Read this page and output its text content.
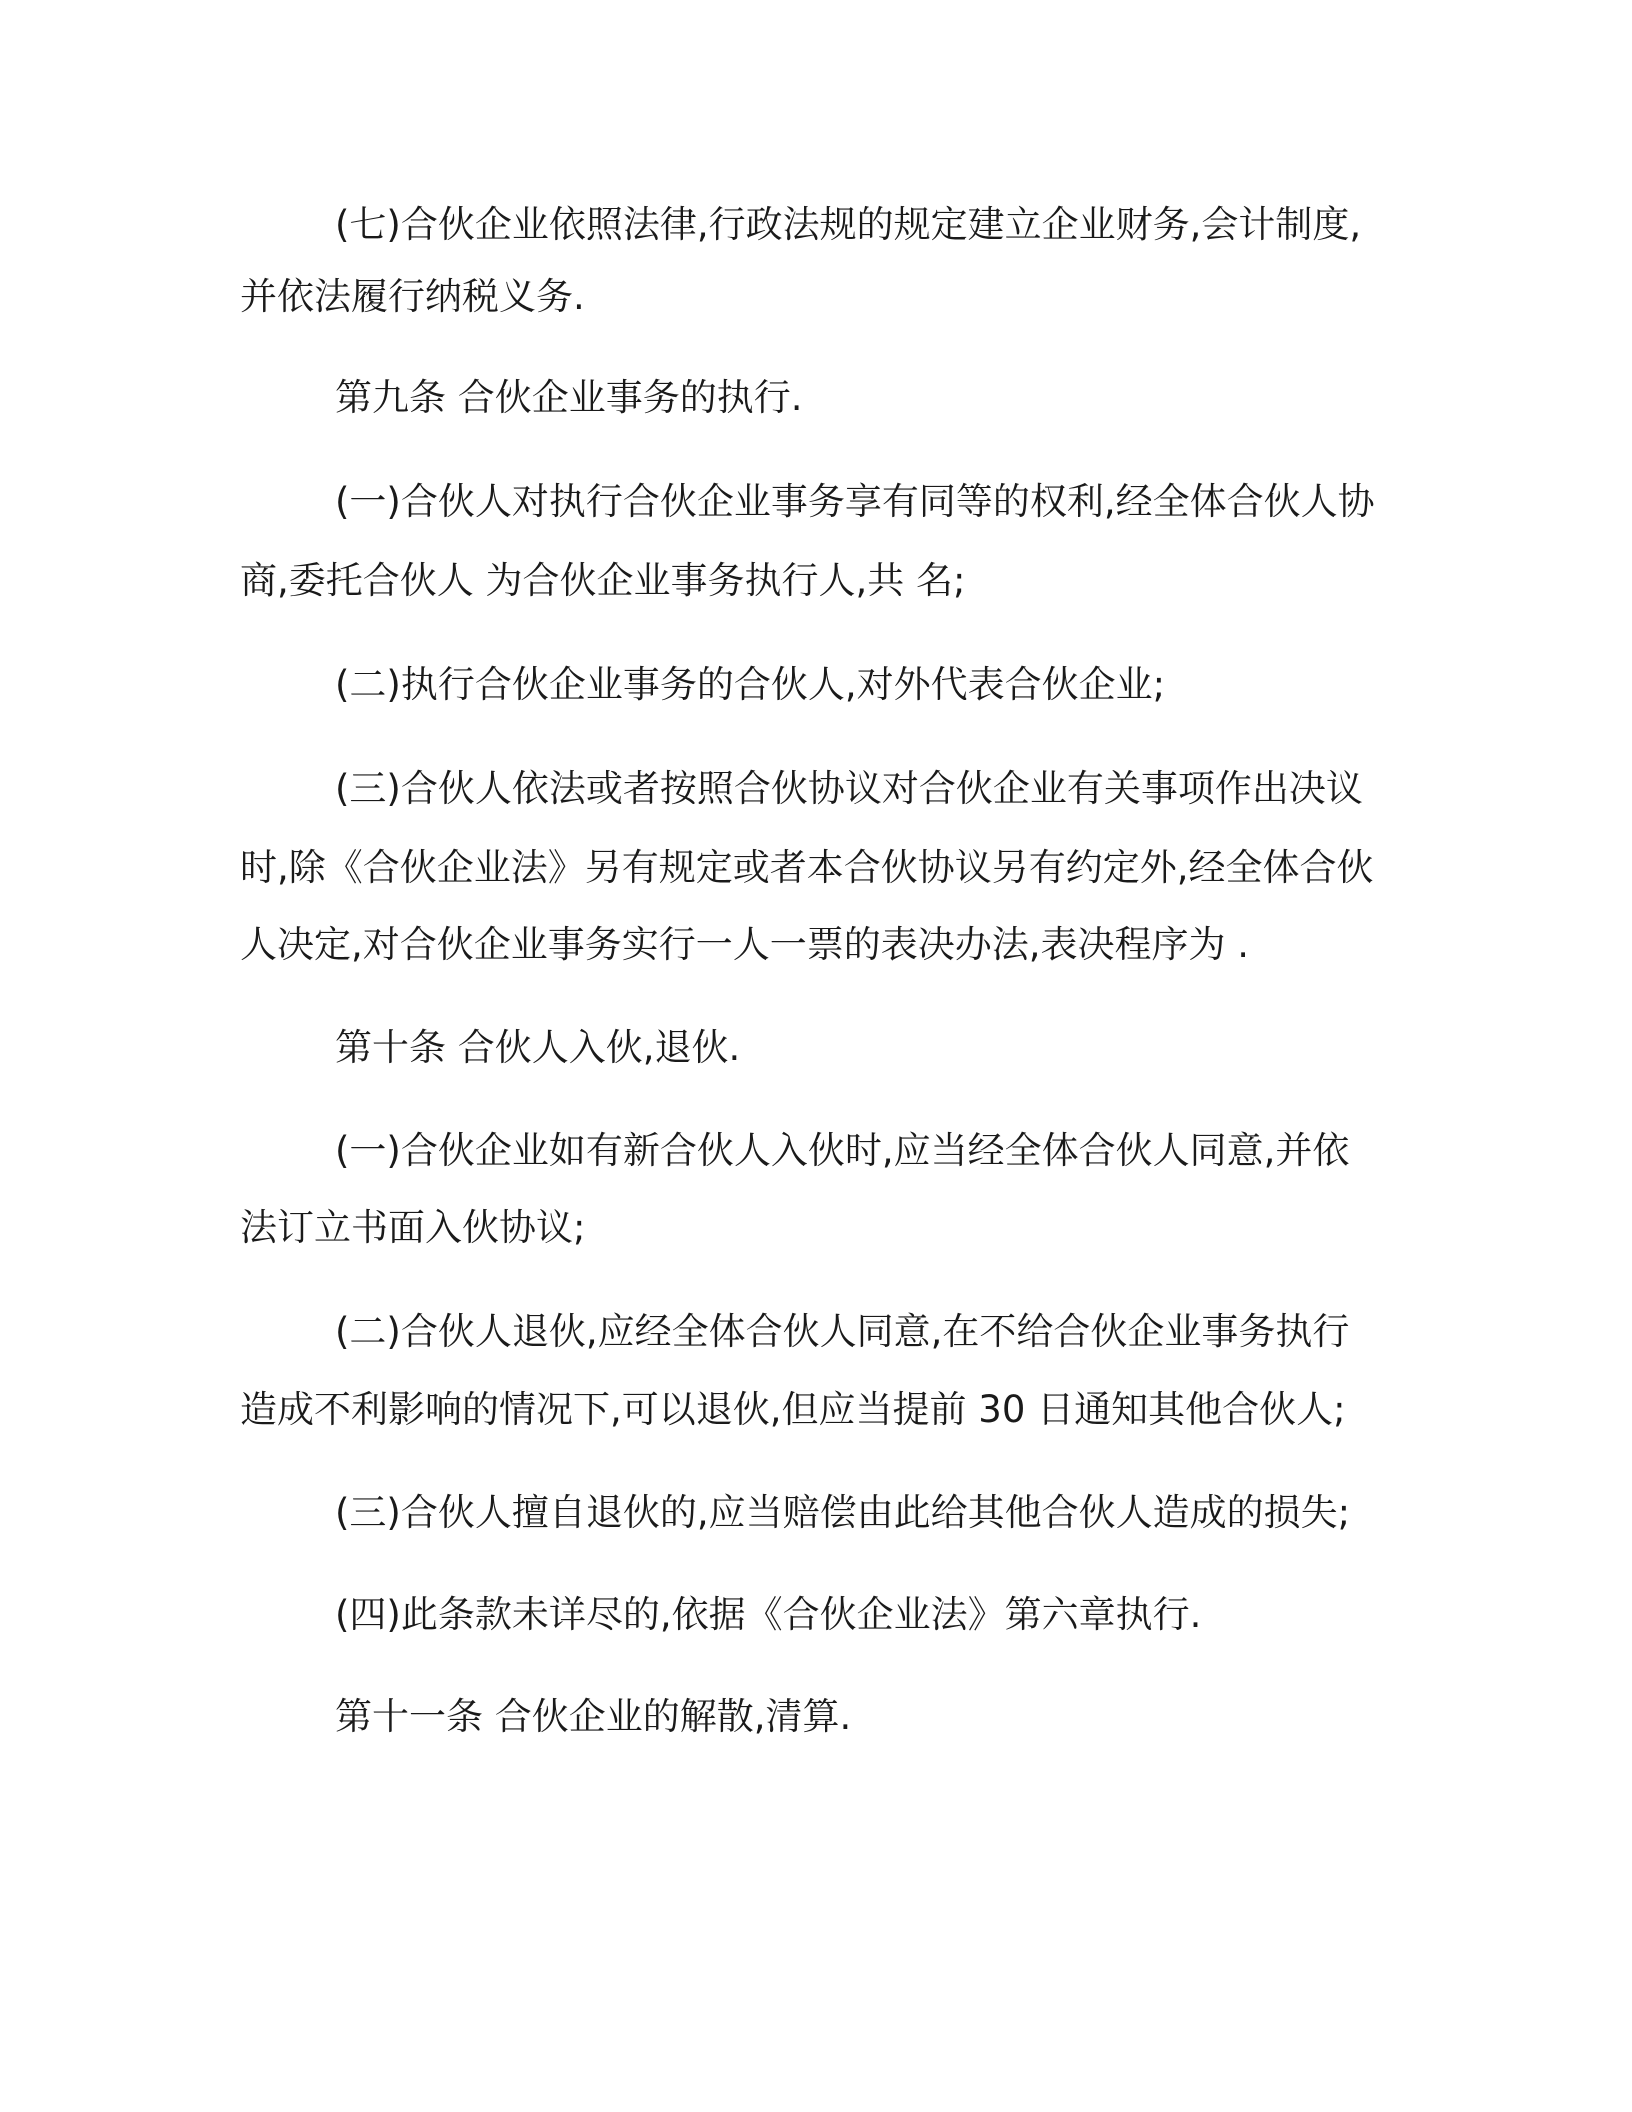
(七)合伙企业依照法律,行政法规的规定建立企业财务,会计制度,

并依法履行纳税义务.

第九条 合伙企业事务的执行.

(一)合伙人对执行合伙企业事务享有同等的权利,经全体合伙人协

商,委托合伙人 为合伙企业事务执行人,共 名;

(二)执行合伙企业事务的合伙人,对外代表合伙企业;

(三)合伙人依法或者按照合伙协议对合伙企业有关事项作出决议

时,除《合伙企业法》另有规定或者本合伙协议另有约定外,经全体合伙

人决定,对合伙企业事务实行一人一票的表决办法,表决程序为 .

第十条 合伙人入伙,退伙.

(一)合伙企业如有新合伙人入伙时,应当经全体合伙人同意,并依

法订立书面入伙协议;

(二)合伙人退伙,应经全体合伙人同意,在不给合伙企业事务执行

造成不利影响的情况下,可以退伙,但应当提前 30 日通知其他合伙人;

(三)合伙人擅自退伙的,应当赔偿由此给其他合伙人造成的损失;

(四)此条款未详尽的,依据《合伙企业法》第六章执行.

第十一条 合伙企业的解散,清算.
